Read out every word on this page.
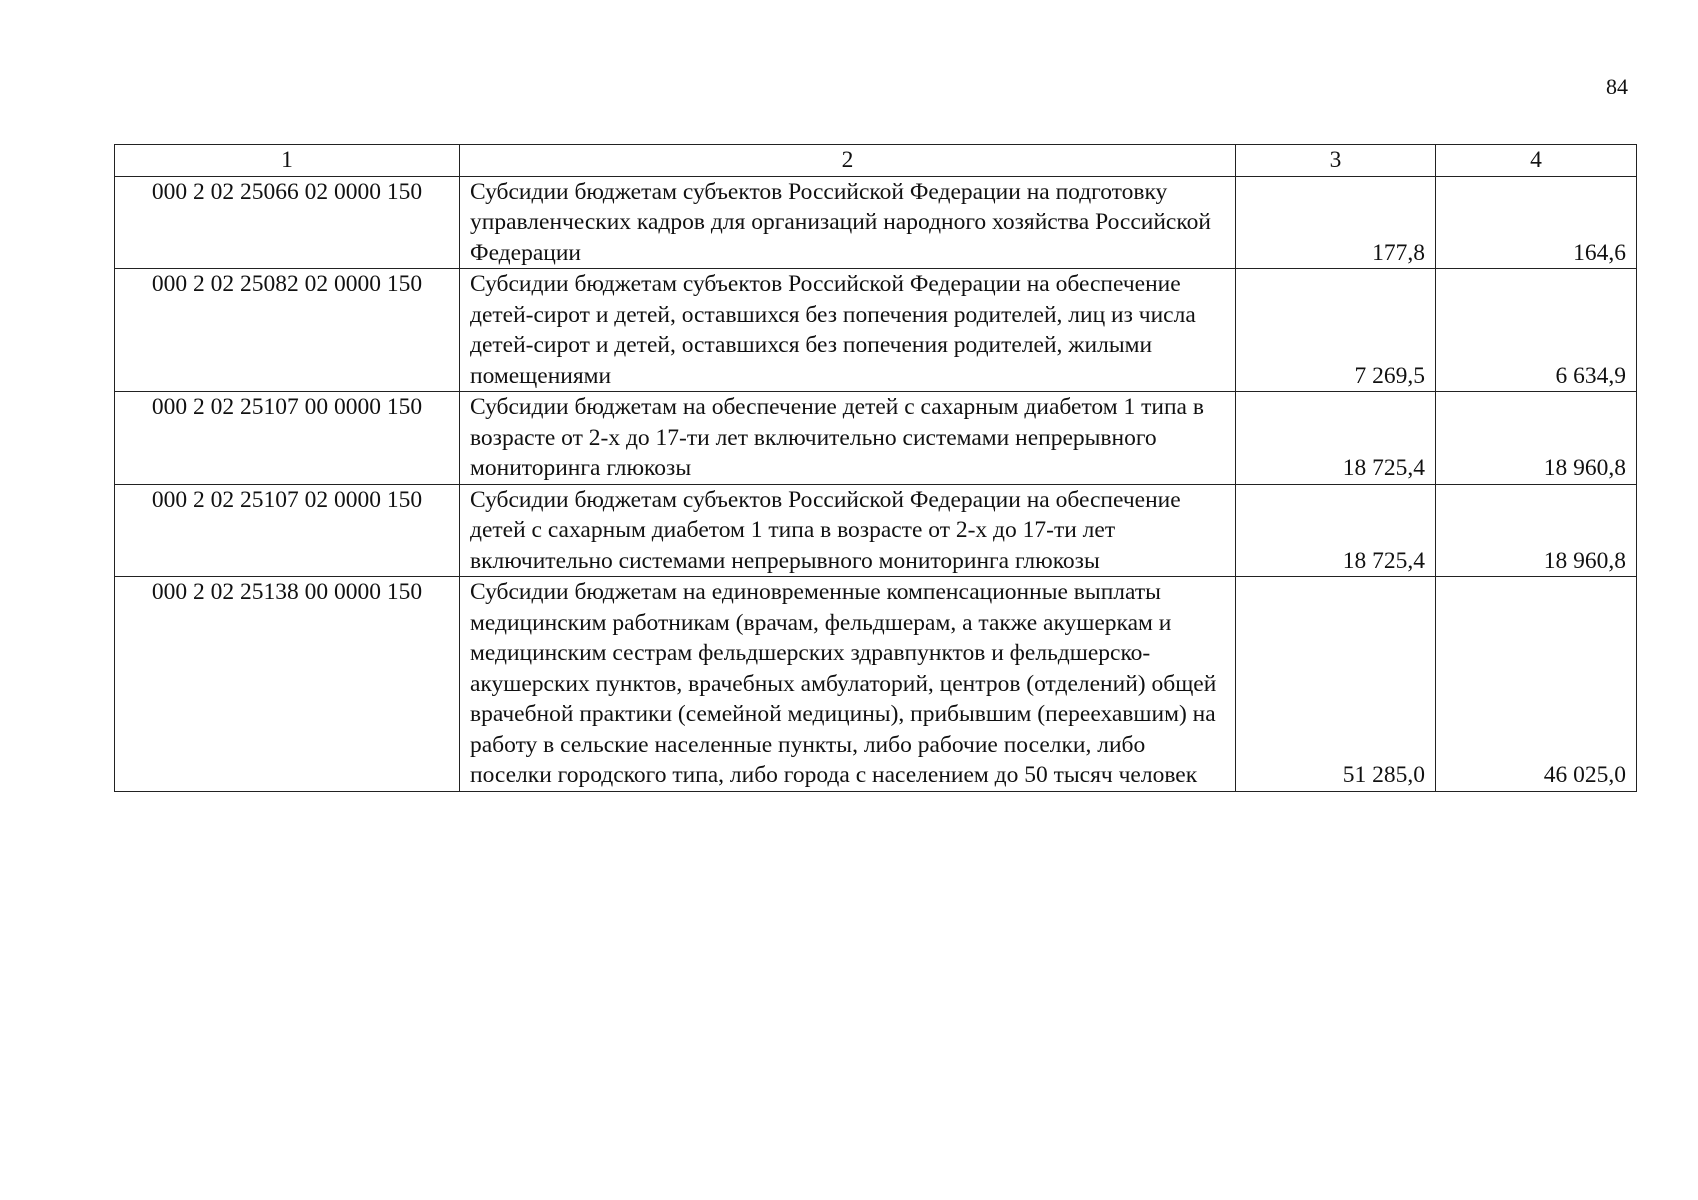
84
1	2	3	4
000 2 02 25066 02 0000 150	Субсидии бюджетам субъектов Российской Федерации на подготовку управленческих кадров для организаций народного хозяйства Российской Федерации	177,8	164,6
000 2 02 25082 02 0000 150	Субсидии бюджетам субъектов Российской Федерации на обеспечение детей-сирот и детей, оставшихся без попечения родителей, лиц из числа детей-сирот и детей, оставшихся без попечения родителей, жилыми помещениями	7 269,5	6 634,9
000 2 02 25107 00 0000 150	Субсидии бюджетам на обеспечение детей с сахарным диабетом 1 типа в возрасте от 2-х до 17-ти лет включительно системами непрерывного мониторинга глюкозы	18 725,4	18 960,8
000 2 02 25107 02 0000 150	Субсидии бюджетам субъектов Российской Федерации на обеспечение детей с сахарным диабетом 1 типа в возрасте от 2-х до 17-ти лет включительно системами непрерывного мониторинга глюкозы	18 725,4	18 960,8
000 2 02 25138 00 0000 150	Субсидии бюджетам на единовременные компенсационные выплаты медицинским работникам (врачам, фельдшерам, а также акушеркам и медицинским сестрам фельдшерских здравпунктов и фельдшерско-акушерских пунктов, врачебных амбулаторий, центров (отделений) общей врачебной практики (семейной медицины), прибывшим (переехавшим) на работу в сельские населенные пункты, либо рабочие поселки, либо поселки городского типа, либо города с населением до 50 тысяч человек	51 285,0	46 025,0
